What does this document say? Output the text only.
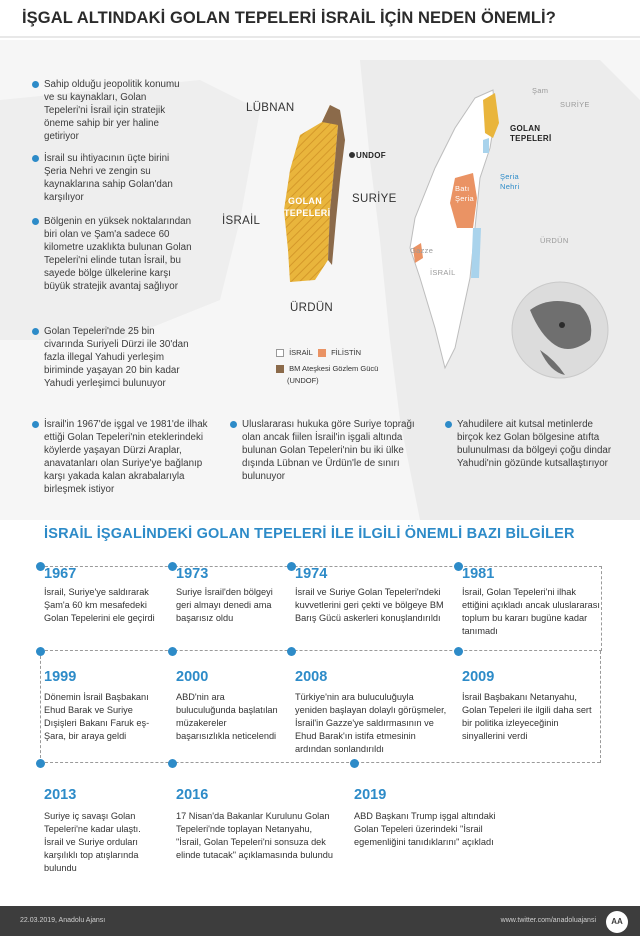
İŞGAL ALTINDAKİ GOLAN TEPELERİ İSRAİL İÇİN NEDEN ÖNEMLİ?
Sahip olduğu jeopolitik konumu ve su kaynakları, Golan Tepeleri'ni İsrail için stratejik öneme sahip bir yer haline getiriyor
İsrail su ihtiyacının üçte birini Şeria Nehri ve zengin su kaynaklarına sahip Golan'dan karşılıyor
Bölgenin en yüksek noktalarından biri olan ve Şam'a sadece 60 kilometre uzaklıkta bulunan Golan Tepeleri'ni elinde tutan İsrail, bu sayede bölge ülkelerine karşı büyük stratejik avantaj sağlıyor
Golan Tepeleri'nde 25 bin civarında Suriyeli Dürzi ile 30'dan fazla illegal Yahudi yerleşim biriminde yaşayan 20 bin kadar Yahudi yerleşimci bulunuyor
LÜBNAN
UNDOF
GOLAN
TEPELERİ
SURİYE
İSRAİL
ÜRDÜN
Şam
SURİYE
GOLAN
TEPELERİ
Şeria
Nehri
Batı
Şeria
Gazze
İSRAİL
ÜRDÜN
İSRAİL	FİLİSTİN
BM Ateşkesi Gözlem Gücü
(UNDOF)
İsrail'in 1967'de işgal ve 1981'de ilhak ettiği Golan Tepeleri'nin eteklerindeki köylerde yaşayan Dürzi Araplar, anavatanları olan Suriye'ye bağlanıp karşı yakada kalan akrabalarıyla birleşmek istiyor
Uluslararası hukuka göre Suriye toprağı olan ancak fiilen İsrail'in işgali altında bulunan Golan Tepeleri'nin bu iki ülke dışında Lübnan ve Ürdün'le de sınırı bulunuyor
Yahudilere ait kutsal metinlerde birçok kez Golan bölgesine atıfta bulunulması da bölgeyi çoğu dindar Yahudi'nin gözünde kutsallaştırıyor
İSRAİL İŞGALİNDEKİ GOLAN TEPELERİ İLE İLGİLİ ÖNEMLİ BAZI BİLGİLER
1967
İsrail, Suriye'ye saldırarak Şam'a 60 km mesafedeki Golan Tepelerini ele geçirdi
1973
Suriye İsrail'den bölgeyi geri almayı denedi ama başarısız oldu
1974
İsrail ve Suriye Golan Tepeleri'ndeki kuvvetlerini geri çekti ve bölgeye BM Barış Gücü askerleri konuşlandırıldı
1981
İsrail, Golan Tepeleri'ni ilhak ettiğini açıkladı ancak uluslararası toplum bu kararı bugüne kadar tanımadı
1999
Dönemin İsrail Başbakanı Ehud Barak ve Suriye Dışişleri Bakanı Faruk eş-Şara, bir araya geldi
2000
ABD'nin ara buluculuğunda başlatılan müzakereler başarısızlıkla neticelendi
2008
Türkiye'nin ara buluculuğuyla yeniden başlayan dolaylı görüşmeler, İsrail'in Gazze'ye saldırmasının ve Ehud Barak'ın istifa etmesinin ardından sonlandırıldı
2009
İsrail Başbakanı Netanyahu, Golan Tepeleri ile ilgili daha sert bir politika izleyeceğinin sinyallerini verdi
2013
Suriye iç savaşı Golan Tepeleri'ne kadar ulaştı. İsrail ve Suriye orduları karşılıklı top atışlarında bulundu
2016
17 Nisan'da Bakanlar Kurulunu Golan Tepeleri'nde toplayan Netanyahu, "İsrail, Golan Tepeleri'ni sonsuza dek elinde tutacak" açıklamasında bulundu
2019
ABD Başkanı Trump işgal altındaki Golan Tepeleri üzerindeki "İsrail egemenliğini tanıdıklarını" açıkladı
22.03.2019, Anadolu Ajansı	www.twitter.com/anadoluajansi	AA
